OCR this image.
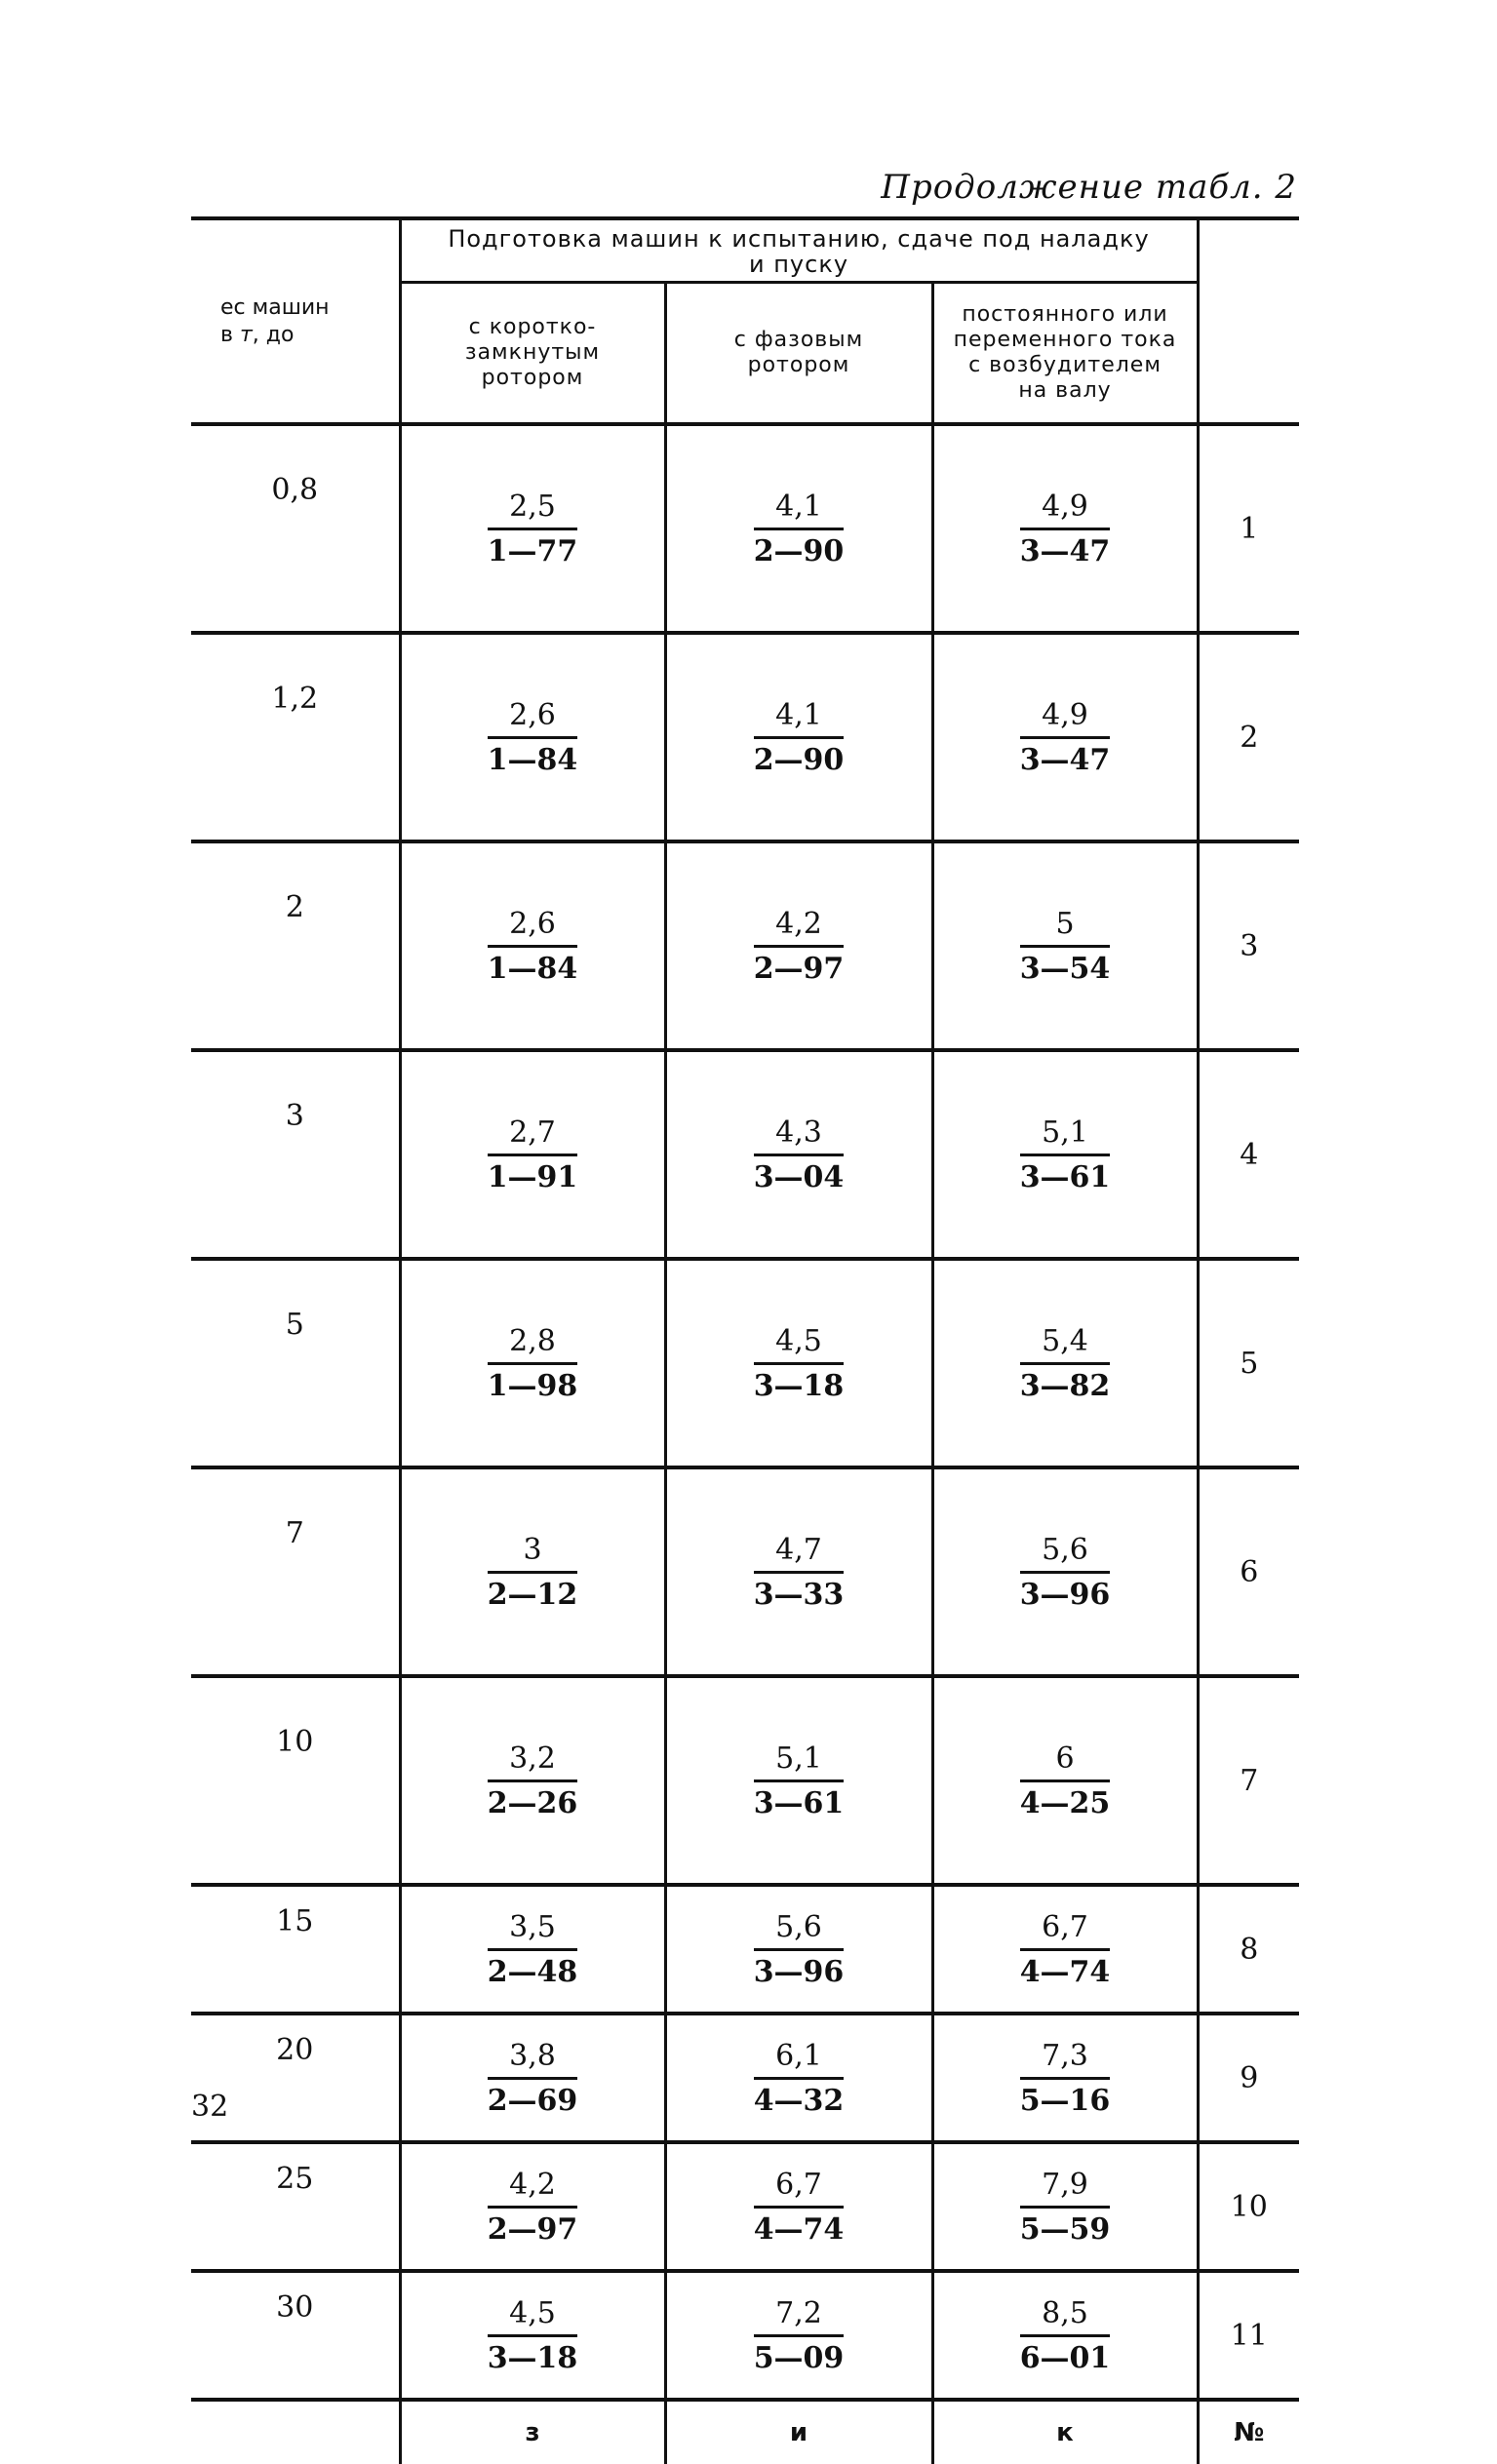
Продолжение табл. 2
ес машин
в т, до	Подготовка машин к испытанию, сдаче под наладку
и пуску			
	с коротко-
замкнутым
ротором	с фазовым
ротором	постоянного или
переменного тока
с возбудителем
на валу	
0,8	$\frac{2,5}{1—77}$	$\frac{4,1}{2—90}$	$\frac{4,9}{3—47}$	1
1,2	$\frac{2,6}{1—84}$	$\frac{4,1}{2—90}$	$\frac{4,9}{3—47}$	2
2	$\frac{2,6}{1—84}$	$\frac{4,2}{2—97}$	$\frac{5}{3—54}$	3
3	$\frac{2,7}{1—91}$	$\frac{4,3}{3—04}$	$\frac{5,1}{3—61}$	4
5	$\frac{2,8}{1—98}$	$\frac{4,5}{3—18}$	$\frac{5,4}{3—82}$	5
7	$\frac{3}{2—12}$	$\frac{4,7}{3—33}$	$\frac{5,6}{3—96}$	6
10	$\frac{3,2}{2—26}$	$\frac{5,1}{3—61}$	$\frac{6}{4—25}$	7
15	$\frac{3,5}{2—48}$	$\frac{5,6}{3—96}$	$\frac{6,7}{4—74}$	8
20	$\frac{3,8}{2—69}$	$\frac{6,1}{4—32}$	$\frac{7,3}{5—16}$	9
25	$\frac{4,2}{2—97}$	$\frac{6,7}{4—74}$	$\frac{7,9}{5—59}$	10
30	$\frac{4,5}{3—18}$	$\frac{7,2}{5—09}$	$\frac{8,5}{6—01}$	11
	з	и	к	№
32
